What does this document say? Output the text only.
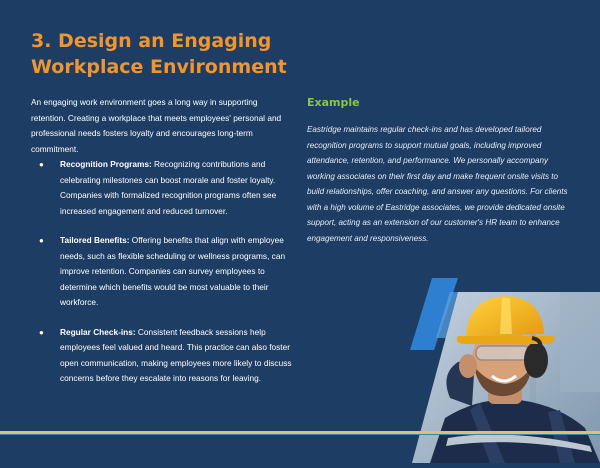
3. Design an Engaging
Workplace Environment

An engaging work environment goes a long way in supporting retention. Creating a workplace that meets employees' personal and professional needs fosters loyalty and encourages long-term commitment.

● Recognition Programs: Recognizing contributions and celebrating milestones can boost morale and foster loyalty. Companies with formalized recognition programs often see increased engagement and reduced turnover.
● Tailored Benefits: Offering benefits that align with employee needs, such as flexible scheduling or wellness programs, can improve retention. Companies can survey employees to determine which benefits would be most valuable to their workforce.
● Regular Check-ins: Consistent feedback sessions help employees feel valued and heard. This practice can also foster open communication, making employees more likely to discuss concerns before they escalate into reasons for leaving.
Example

Eastridge maintains regular check-ins and has developed tailored recognition programs to support mutual goals, including improved attendance, retention, and performance. We personally accompany working associates on their first day and make frequent onsite visits to build relationships, offer coaching, and answer any questions. For clients with a high volume of Eastridge associates, we provide dedicated onsite support, acting as an extension of our customer's HR team to enhance engagement and responsiveness.
